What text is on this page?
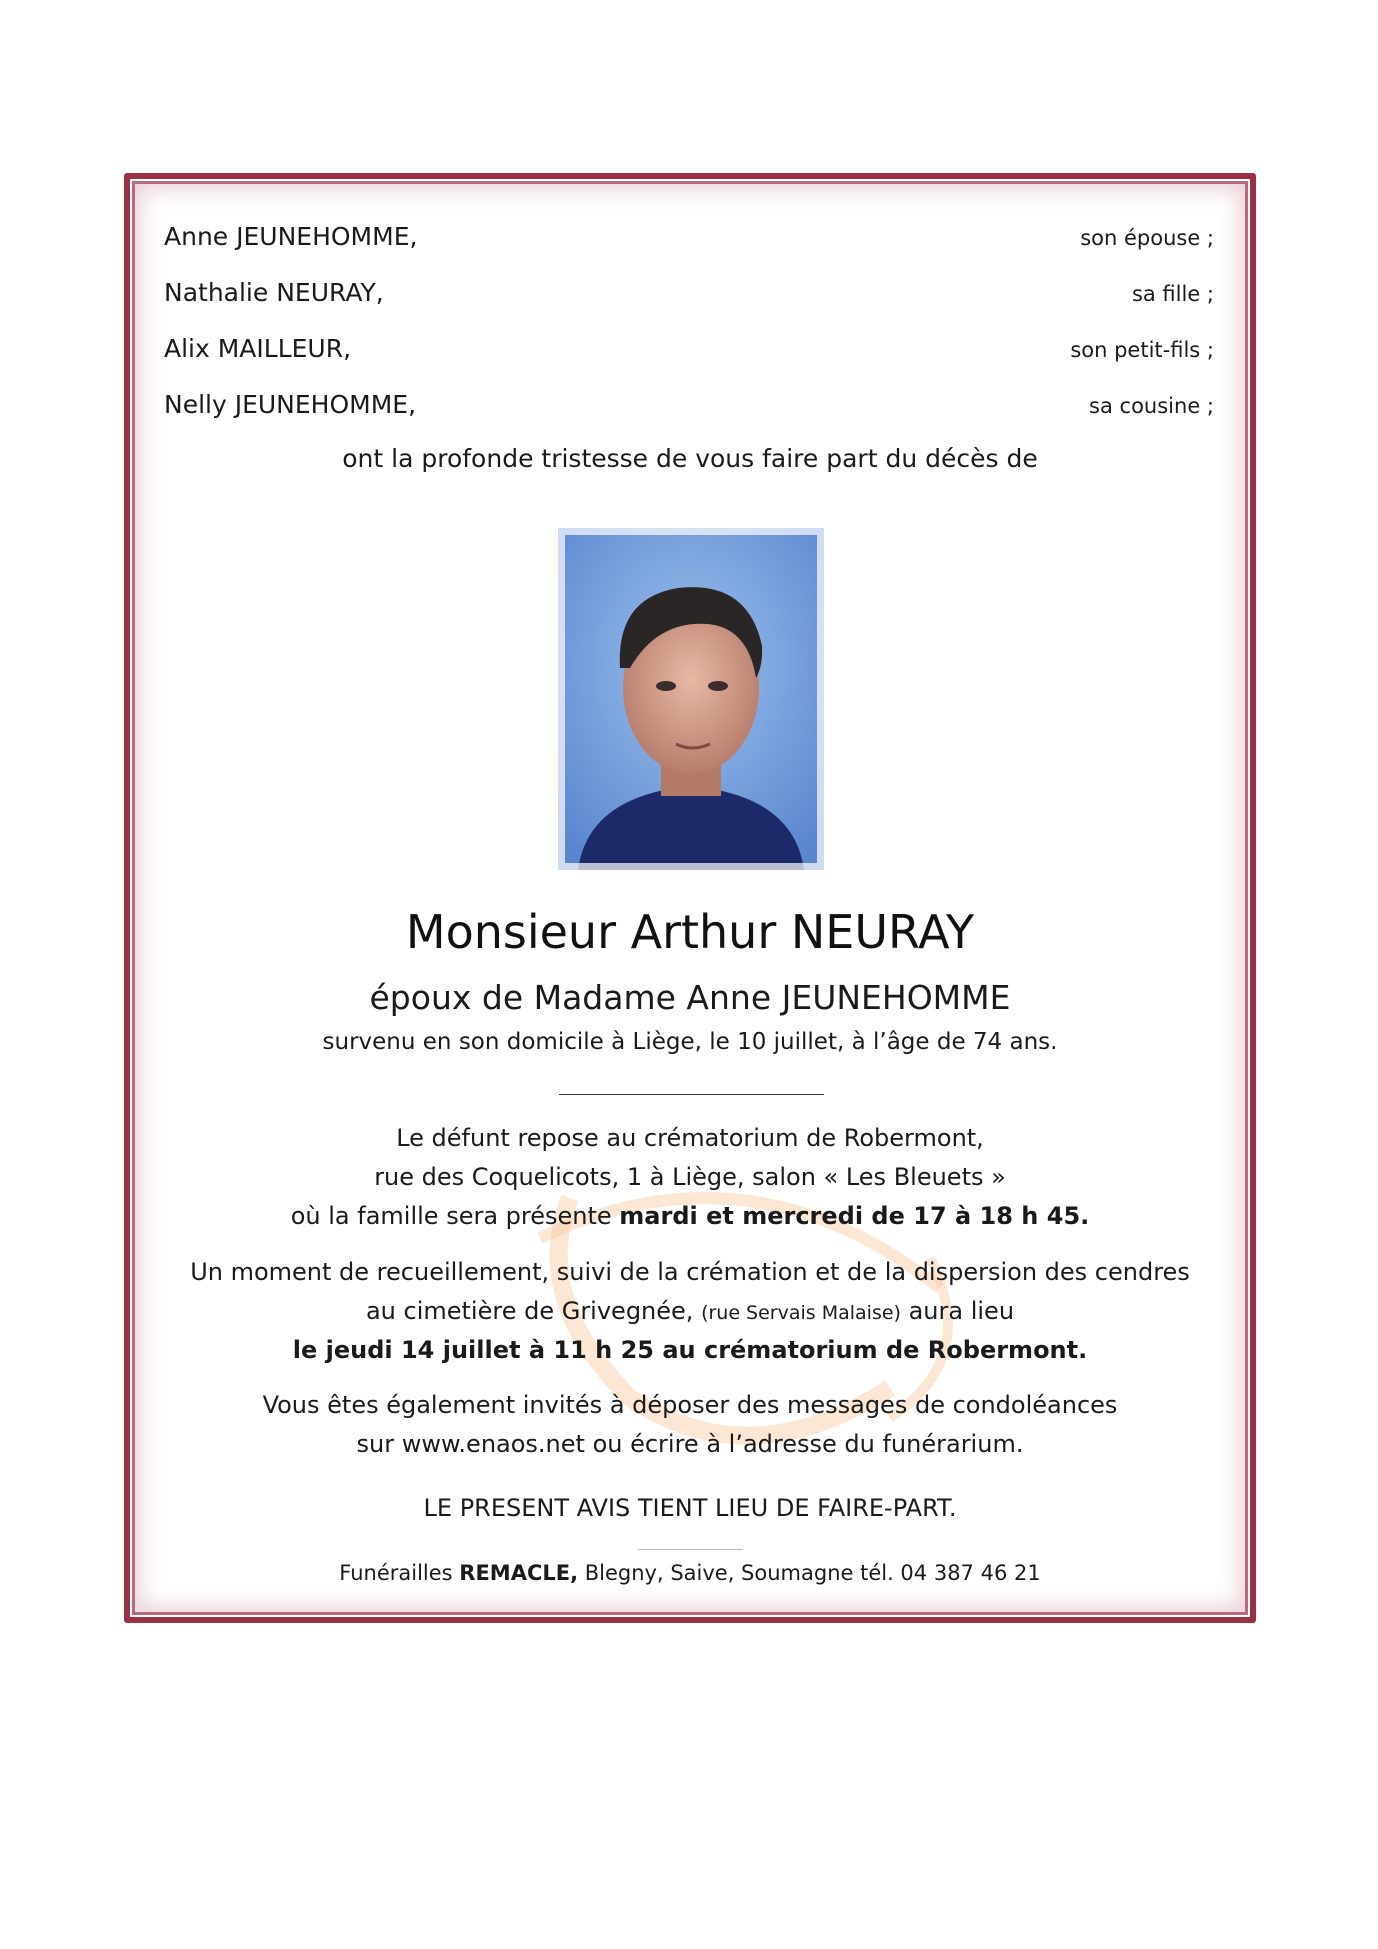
Anne JEUNEHOMME,	son épouse ;
Nathalie NEURAY,	sa fille ;
Alix MAILLEUR,	son petit-fils ;
Nelly JEUNEHOMME,	sa cousine ;
ont la profonde tristesse de vous faire part du décès de
Monsieur Arthur NEURAY
époux de Madame Anne JEUNEHOMME
survenu en son domicile à Liège, le 10 juillet, à l’âge de 74 ans.
Le défunt repose au crématorium de Robermont,
rue des Coquelicots, 1 à Liège, salon « Les Bleuets »
où la famille sera présente mardi et mercredi de 17 à 18 h 45.
Un moment de recueillement, suivi de la crémation et de la dispersion des cendres
au cimetière de Grivegnée, (rue Servais Malaise) aura lieu
le jeudi 14 juillet à 11 h 25 au crématorium de Robermont.
Vous êtes également invités à déposer des messages de condoléances
sur www.enaos.net ou écrire à l’adresse du funérarium.
LE PRESENT AVIS TIENT LIEU DE FAIRE-PART.
Funérailles REMACLE, Blegny, Saive, Soumagne tél. 04 387 46 21
